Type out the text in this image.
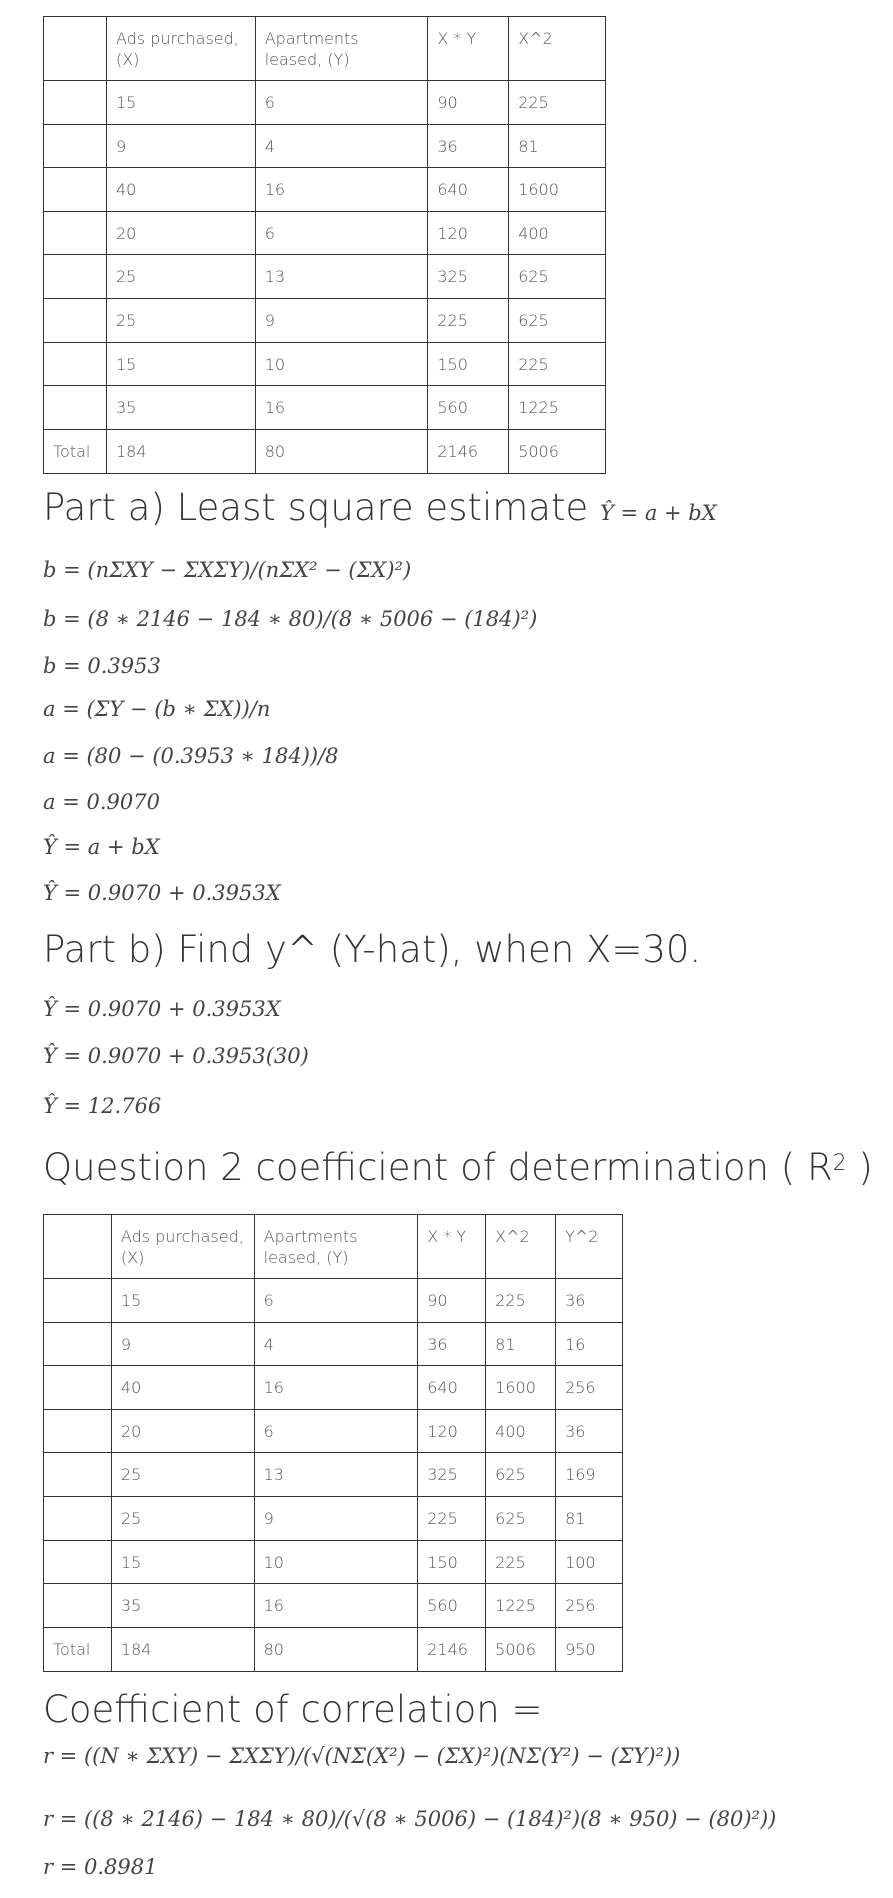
	Ads purchased, (X)	Apartments leased, (Y)	X * Y	X^2
	15	6	90	225
	9	4	36	81
	40	16	640	1600
	20	6	120	400
	25	13	325	625
	25	9	225	625
	15	10	150	225
	35	16	560	1225
Total	184	80	2146	5006
Part a) Least square estimate Ŷ = a + bX
b = (nΣXY − ΣXΣY)/(nΣX² − (ΣX)²)
b = (8 ∗ 2146 − 184 ∗ 80)/(8 ∗ 5006 − (184)²)
b = 0.3953
a = (ΣY − (b ∗ ΣX))/n
a = (80 − (0.3953 ∗ 184))/8
a = 0.9070
Ŷ = a + bX
Ŷ = 0.9070 + 0.3953X
Part b) Find y^ (Y-hat), when X=30.
Ŷ = 0.9070 + 0.3953X
Ŷ = 0.9070 + 0.3953(30)
Ŷ = 12.766
Question 2 coefficient of determination ( $R^2$ )
	Ads purchased, (X)	Apartments leased, (Y)	X * Y	X^2	Y^2
	15	6	90	225	36
	9	4	36	81	16
	40	16	640	1600	256
	20	6	120	400	36
	25	13	325	625	169
	25	9	225	625	81
	15	10	150	225	100
	35	16	560	1225	256
Total	184	80	2146	5006	950
Coefficient of correlation =
r = ((N ∗ ΣXY) − ΣXΣY)/(√(NΣ(X²) − (ΣX)²)(NΣ(Y²) − (ΣY)²))
r = ((8 ∗ 2146) − 184 ∗ 80)/(√(8 ∗ 5006) − (184)²)(8 ∗ 950) − (80)²))
r = 0.8981
